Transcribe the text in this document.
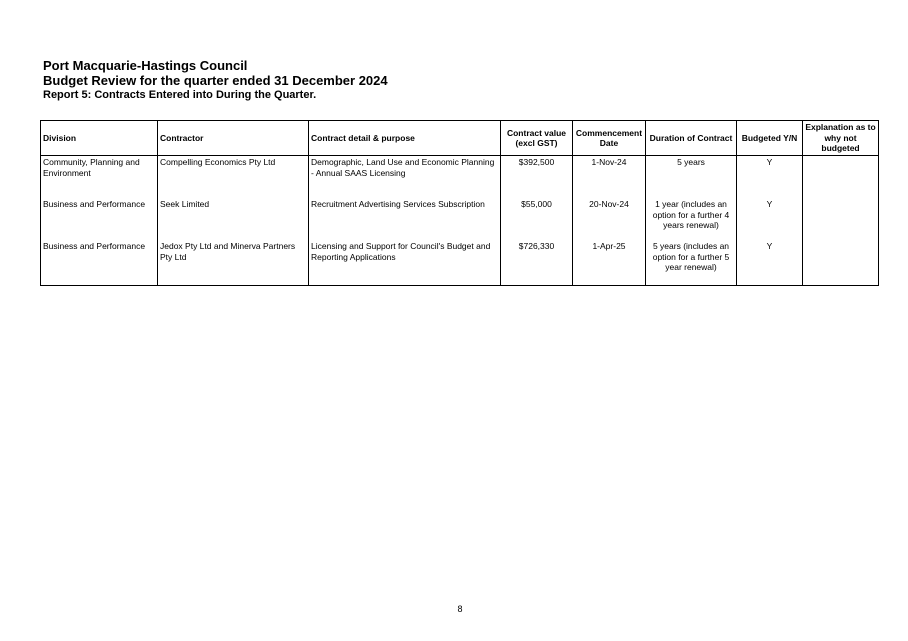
Port Macquarie-Hastings Council
Budget Review for the quarter ended 31 December 2024
Report 5: Contracts Entered into During the Quarter.
Division	Contractor	Contract detail & purpose	Contract value (excl GST)	Commencement Date	Duration of Contract	Budgeted Y/N	Explanation as to why not budgeted
Community, Planning and Environment	Compelling Economics Pty Ltd	Demographic, Land Use and Economic Planning - Annual SAAS Licensing	$392,500	1-Nov-24	5 years	Y	
Business and Performance	Seek Limited	Recruitment Advertising Services Subscription	$55,000	20-Nov-24	1 year (includes an option for a further 4 years renewal)	Y	
Business and Performance	Jedox Pty Ltd and Minerva Partners Pty Ltd	Licensing and Support for Council's Budget and Reporting Applications	$726,330	1-Apr-25	5 years (includes an option for a further 5 year renewal)	Y	
8
